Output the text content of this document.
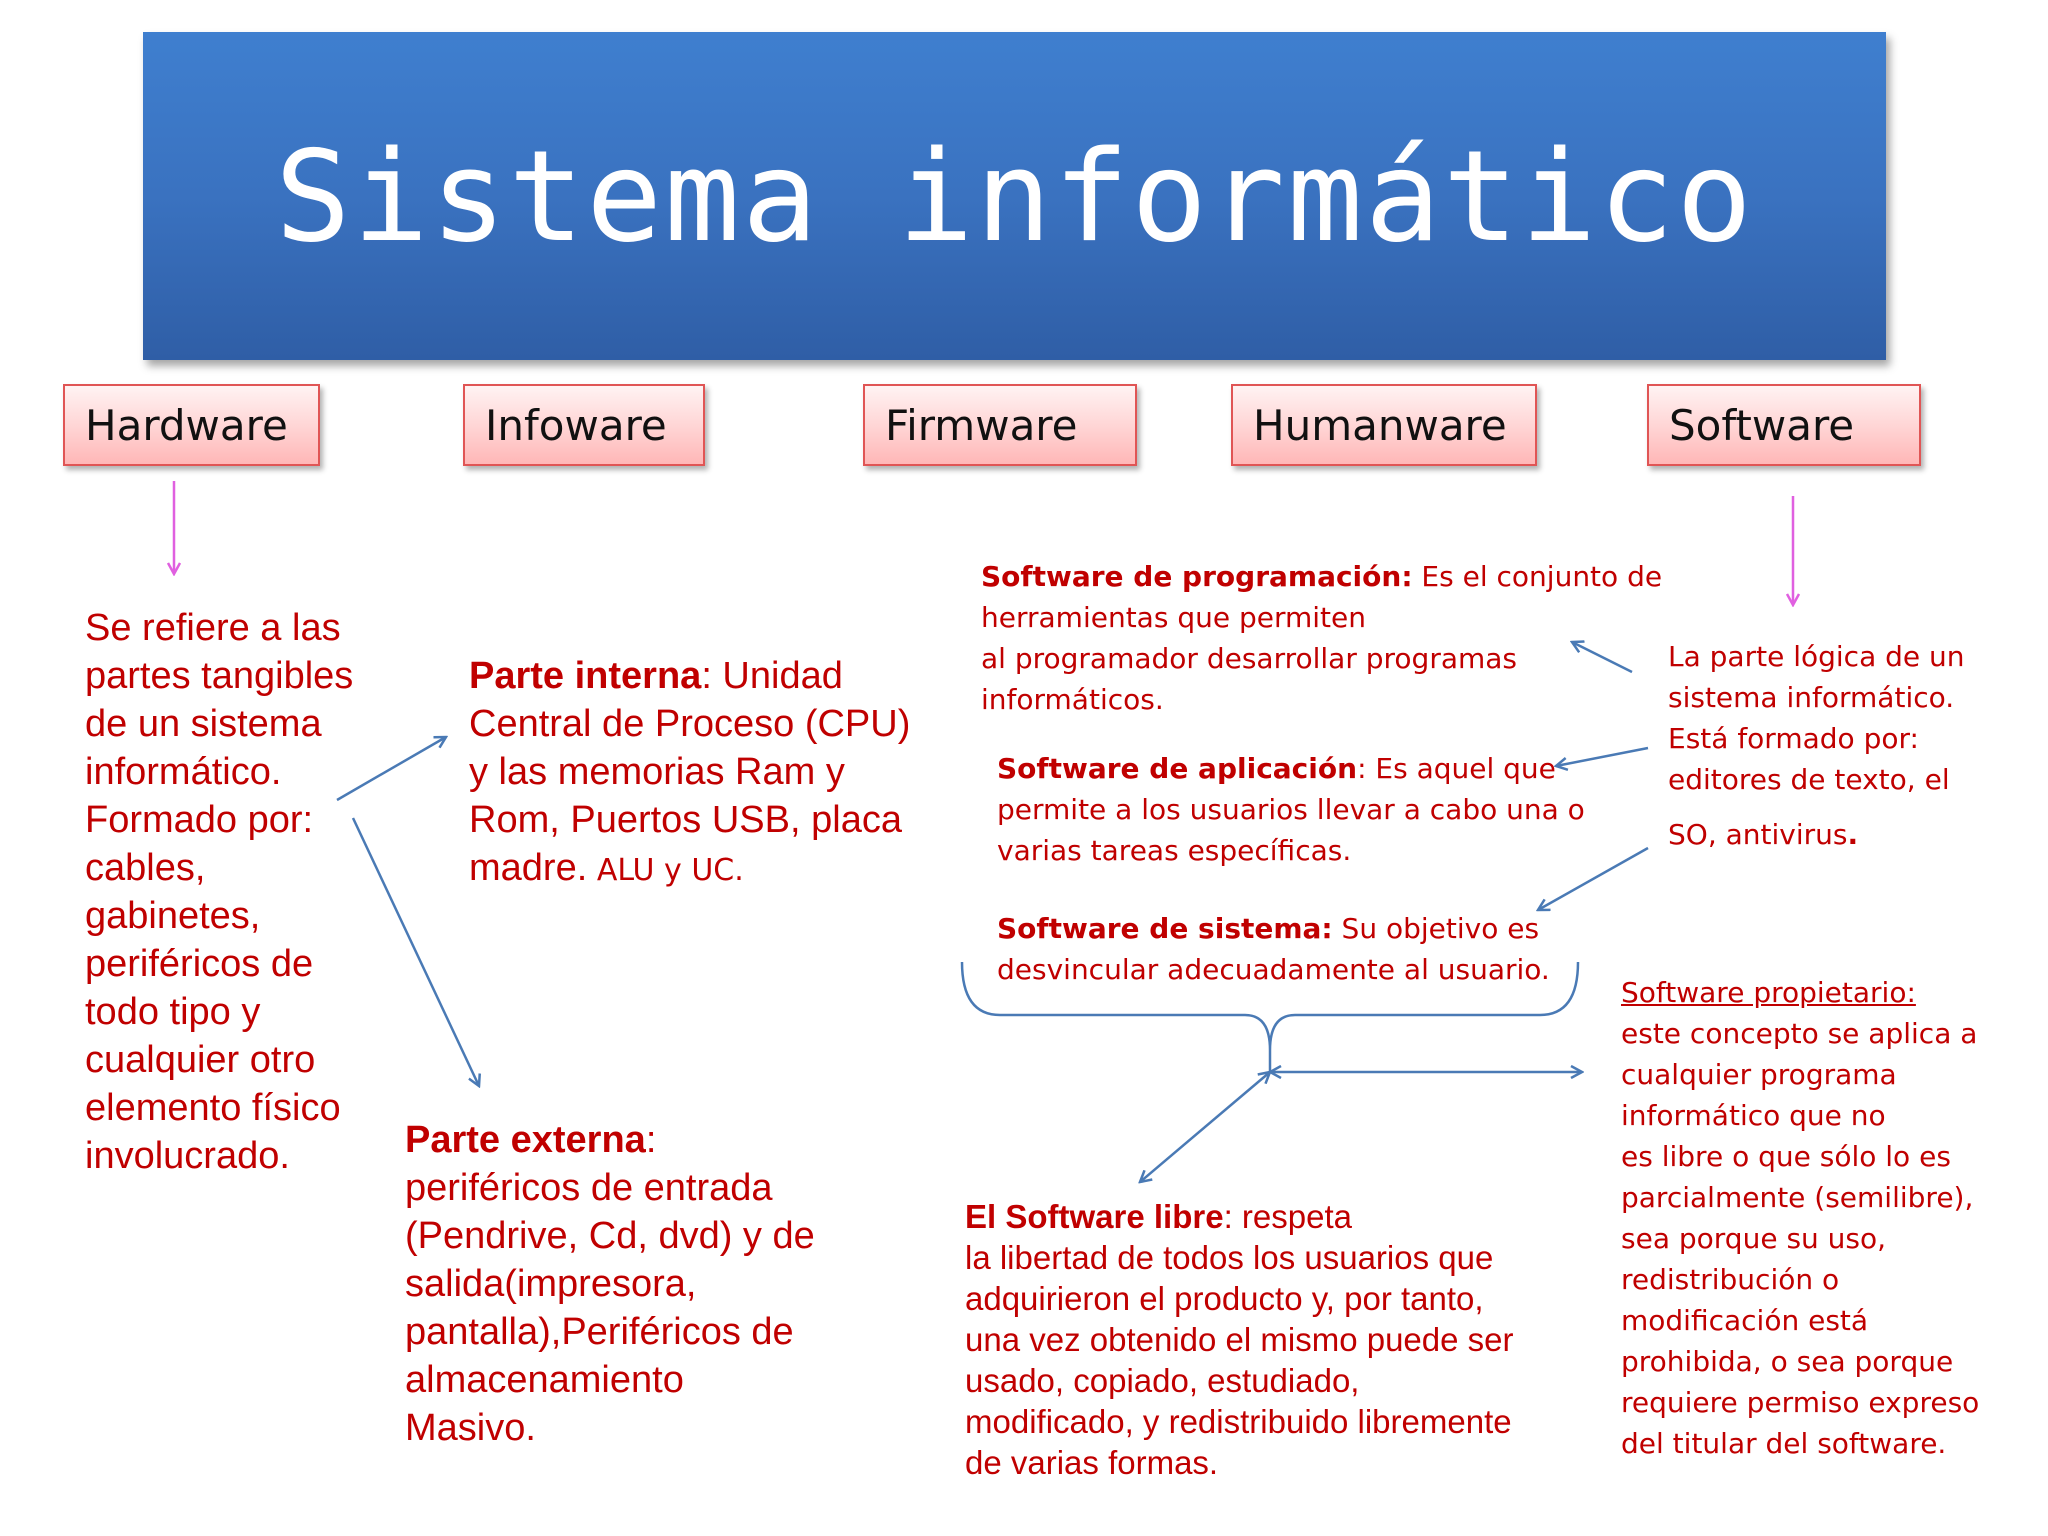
Sistema informático
Hardware	Infoware	Firmware	Humanware	Software
Se refiere a las
partes tangibles
de un sistema
informático.
Formado por:
cables,
gabinetes,
periféricos de
todo tipo y
cualquier otro
elemento físico
involucrado.
Parte interna: Unidad
Central de Proceso (CPU)
y las memorias Ram y
Rom, Puertos USB, placa
madre. ALU y UC.
Parte externa:
periféricos de entrada
(Pendrive, Cd, dvd) y de
salida(impresora,
pantalla),Periféricos de
almacenamiento
Masivo.
La parte lógica de un
sistema informático.
Está formado por:
editores de texto, el
SO, antivirus.
Software de programación: Es el conjunto de
herramientas que permiten
al programador desarrollar programas
informáticos.
Software de aplicación: Es aquel que
permite a los usuarios llevar a cabo una o
varias tareas específicas.
Software de sistema: Su objetivo es
desvincular adecuadamente al usuario.
El Software libre: respeta
la libertad de todos los usuarios que
adquirieron el producto y, por tanto,
una vez obtenido el mismo puede ser
usado, copiado, estudiado,
modificado, y redistribuido libremente
de varias formas.
Software propietario:
este concepto se aplica a
cualquier programa
informático que no
es libre o que sólo lo es
parcialmente (semilibre),
sea porque su uso,
redistribución o
modificación está
prohibida, o sea porque
requiere permiso expreso
del titular del software.
